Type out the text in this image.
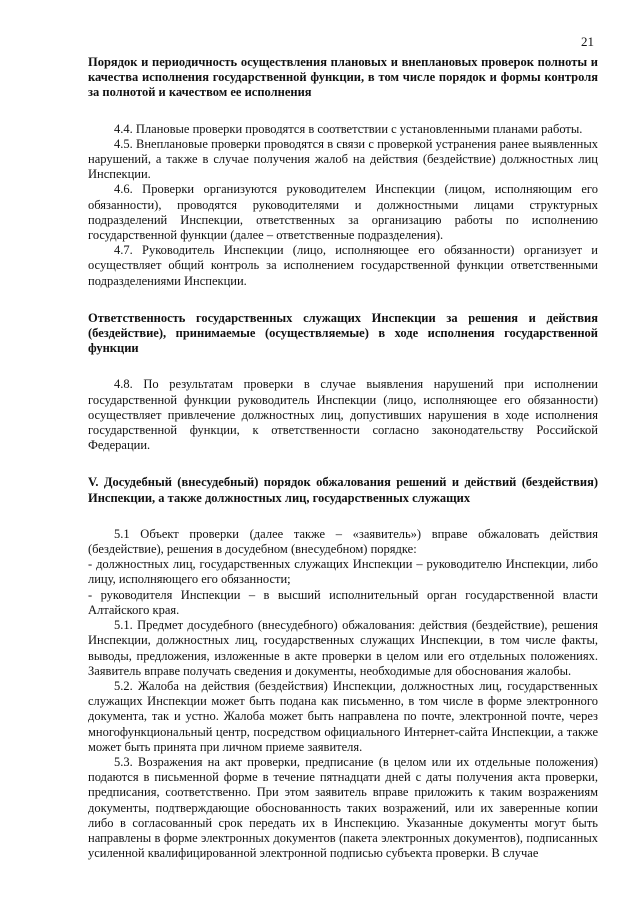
21

Порядок и периодичность осуществления плановых и внеплановых проверок полноты и качества исполнения государственной функции, в том числе порядок и формы контроля за полнотой и качеством ее исполнения

4.4. Плановые проверки проводятся в соответствии с установленными планами работы.

4.5. Внеплановые проверки проводятся в связи с проверкой устранения ранее выявленных нарушений, а также в случае получения жалоб на действия (бездействие) должностных лиц Инспекции.

4.6. Проверки организуются руководителем Инспекции (лицом, исполняющим его обязанности), проводятся руководителями и должностными лицами структурных подразделений Инспекции, ответственных за организацию работы по исполнению государственной функции (далее – ответственные подразделения).

4.7. Руководитель Инспекции (лицо, исполняющее его обязанности) организует и осуществляет общий контроль за исполнением государственной функции ответственными подразделениями Инспекции.

Ответственность государственных служащих Инспекции за решения и действия (бездействие), принимаемые (осуществляемые) в ходе исполнения государственной функции

4.8. По результатам проверки в случае выявления нарушений при исполнении государственной функции руководитель Инспекции (лицо, исполняющее его обязанности) осуществляет привлечение должностных лиц, допустивших нарушения в ходе исполнения государственной функции, к ответственности согласно законодательству Российской Федерации.

V. Досудебный (внесудебный) порядок обжалования решений и действий (бездействия) Инспекции, а также должностных лиц, государственных служащих

5.1 Объект проверки (далее также – «заявитель») вправе обжаловать действия (бездействие), решения в досудебном (внесудебном) порядке:

- должностных лиц, государственных служащих Инспекции – руководителю Инспекции, либо лицу, исполняющего его обязанности;

- руководителя Инспекции – в высший исполнительный орган государственной власти Алтайского края.

5.1. Предмет досудебного (внесудебного) обжалования: действия (бездействие), решения Инспекции, должностных лиц, государственных служащих Инспекции, в том числе факты, выводы, предложения, изложенные в акте проверки в целом или его отдельных положениях. Заявитель вправе получать сведения и документы, необходимые для обоснования жалобы.

5.2. Жалоба на действия (бездействия) Инспекции, должностных лиц, государственных служащих Инспекции может быть подана как письменно, в том числе в форме электронного документа, так и устно. Жалоба может быть направлена по почте, электронной почте, через многофункциональный центр, посредством официального Интернет-сайта Инспекции, а также может быть принята при личном приеме заявителя.

5.3. Возражения на акт проверки, предписание (в целом или их отдельные положения) подаются в письменной форме в течение пятнадцати дней с даты получения акта проверки, предписания, соответственно. При этом заявитель вправе приложить к таким возражениям документы, подтверждающие обоснованность таких возражений, или их заверенные копии либо в согласованный срок передать их в Инспекцию. Указанные документы могут быть направлены в форме электронных документов (пакета электронных документов), подписанных усиленной квалифицированной электронной подписью субъекта проверки. В случае
